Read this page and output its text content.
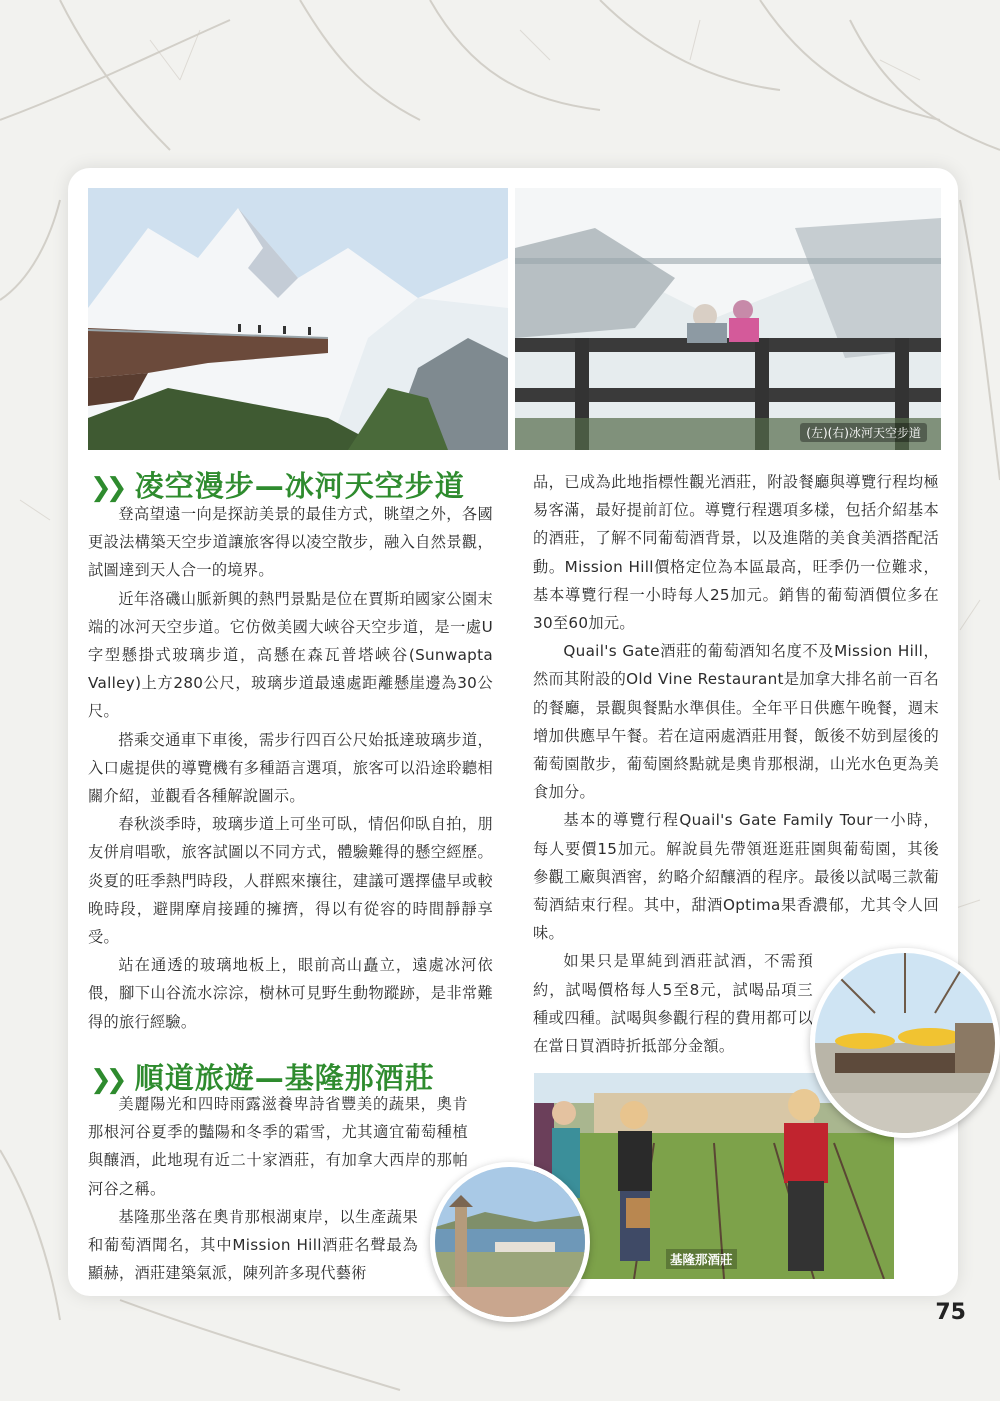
(左)(右)冰河天空步道
❯❯ 凌空漫步—冰河天空步道

登高望遠一向是探訪美景的最佳方式，眺望之外，各國更設法構築天空步道讓旅客得以凌空散步，融入自然景觀，試圖達到天人合一的境界。

近年洛磯山脈新興的熱門景點是位在賈斯珀國家公園末端的冰河天空步道。它仿傚美國大峽谷天空步道，是一處U字型懸掛式玻璃步道，高懸在森瓦普塔峽谷(Sunwapta Valley)上方280公尺，玻璃步道最遠處距離懸崖邊為30公尺。

搭乘交通車下車後，需步行四百公尺始抵達玻璃步道，入口處提供的導覽機有多種語言選項，旅客可以沿途聆聽相關介紹，並觀看各種解說圖示。

春秋淡季時，玻璃步道上可坐可臥，情侶仰臥自拍，朋友併肩唱歌，旅客試圖以不同方式，體驗難得的懸空經歷。炎夏的旺季熱門時段，人群熙來攘往，建議可選擇儘早或較晚時段，避開摩肩接踵的擁擠，得以有從容的時間靜靜享受。

站在通透的玻璃地板上，眼前高山矗立，遠處冰河依偎，腳下山谷流水淙淙，樹林可見野生動物蹤跡，是非常難得的旅行經驗。

❯❯ 順道旅遊—基隆那酒莊

美麗陽光和四時雨露滋養卑詩省豐美的蔬果，奧肯那根河谷夏季的豔陽和冬季的霜雪，尤其適宜葡萄種植與釀酒，此地現有近二十家酒莊，有加拿大西岸的那帕河谷之稱。

基隆那坐落在奧肯那根湖東岸，以生產蔬果和葡萄酒聞名，其中Mission Hill酒莊名聲最為顯赫，酒莊建築氣派，陳列許多現代藝術

品，已成為此地指標性觀光酒莊，附設餐廳與導覽行程均極易客滿，最好提前訂位。導覽行程選項多樣，包括介紹基本的酒莊，了解不同葡萄酒背景，以及進階的美食美酒搭配活動。Mission Hill價格定位為本區最高，旺季仍一位難求，基本導覽行程一小時每人25加元。銷售的葡萄酒價位多在30至60加元。

Quail's Gate酒莊的葡萄酒知名度不及Mission Hill，然而其附設的Old Vine Restaurant是加拿大排名前一百名的餐廳，景觀與餐點水準俱佳。全年平日供應午晚餐，週末增加供應早午餐。若在這兩處酒莊用餐，飯後不妨到屋後的葡萄園散步，葡萄園終點就是奧肯那根湖，山光水色更為美食加分。

基本的導覽行程Quail's Gate Family Tour一小時，每人要價15加元。解說員先帶領逛逛莊園與葡萄園，其後參觀工廠與酒窖，約略介紹釀酒的程序。最後以試喝三款葡萄酒結束行程。其中，甜酒Optima果香濃郁，尤其令人回味。

如果只是單純到酒莊試酒，不需預約，試喝價格每人5至8元，試喝品項三種或四種。試喝與參觀行程的費用都可以在當日買酒時折抵部分金額。

基隆那酒莊
75
